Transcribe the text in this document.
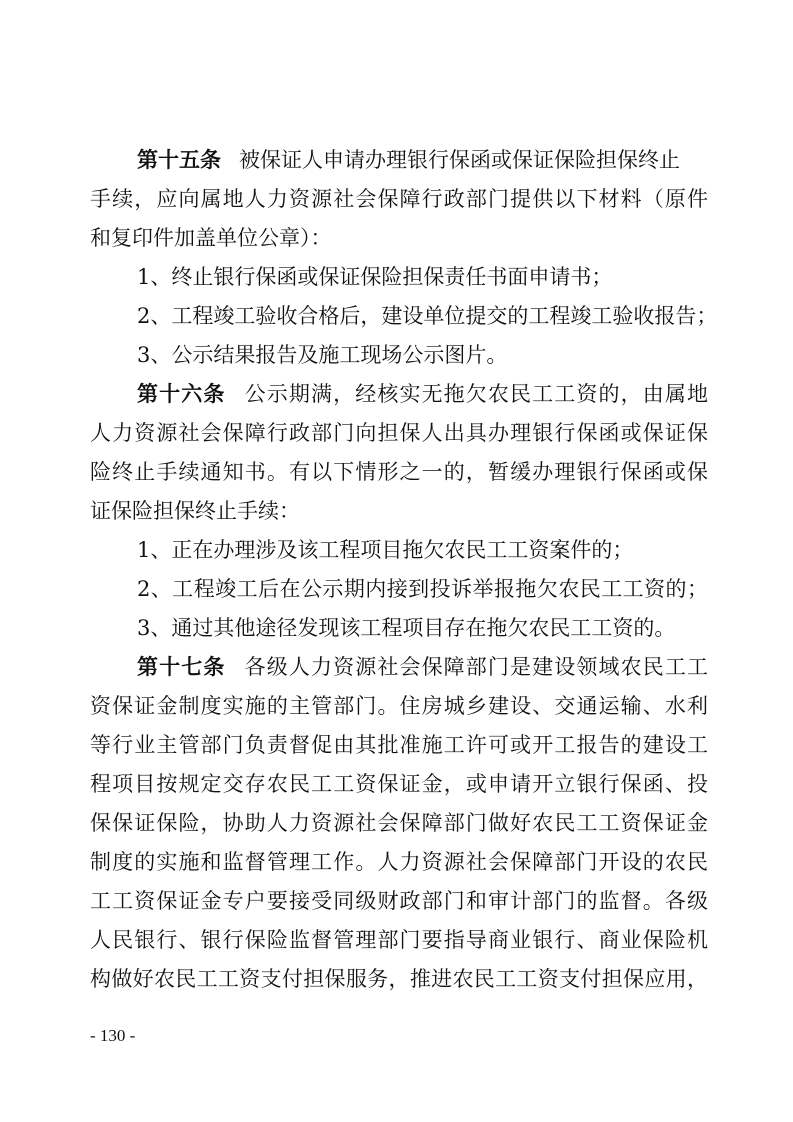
第十五条 被保证人申请办理银行保函或保证保险担保终止
手续，应向属地人力资源社会保障行政部门提供以下材料（原件
和复印件加盖单位公章）：
1、终止银行保函或保证保险担保责任书面申请书；
2、工程竣工验收合格后，建设单位提交的工程竣工验收报告；
3、公示结果报告及施工现场公示图片。
第十六条 公示期满，经核实无拖欠农民工工资的，由属地
人力资源社会保障行政部门向担保人出具办理银行保函或保证保
险终止手续通知书。有以下情形之一的，暂缓办理银行保函或保
证保险担保终止手续：
1、正在办理涉及该工程项目拖欠农民工工资案件的；
2、工程竣工后在公示期内接到投诉举报拖欠农民工工资的；
3、通过其他途径发现该工程项目存在拖欠农民工工资的。
第十七条 各级人力资源社会保障部门是建设领域农民工工
资保证金制度实施的主管部门。住房城乡建设、交通运输、水利
等行业主管部门负责督促由其批准施工许可或开工报告的建设工
程项目按规定交存农民工工资保证金，或申请开立银行保函、投
保保证保险，协助人力资源社会保障部门做好农民工工资保证金
制度的实施和监督管理工作。人力资源社会保障部门开设的农民
工工资保证金专户要接受同级财政部门和审计部门的监督。各级
人民银行、银行保险监督管理部门要指导商业银行、商业保险机
构做好农民工工资支付担保服务，推进农民工工资支付担保应用，
- 130 -
